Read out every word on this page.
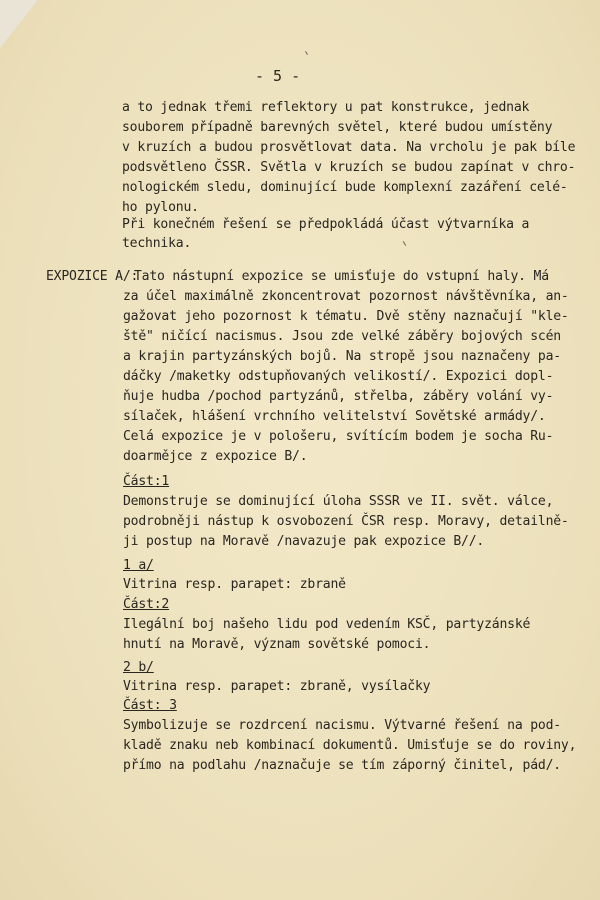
- 5 -
a to jednak třemi reflektory u pat konstrukce, jednak
souborem případně barevných světel, které budou umístěny
v kruzích a budou prosvětlovat data. Na vrcholu je pak bíle
podsvětleno ČSSR. Světla v kruzích se budou zapínat v chro-
nologickém sledu, dominující bude komplexní zazáření celé-
ho pylonu.
Při konečném řešení se předpokládá účast výtvarníka a
technika.
EXPOZICE A/:
Tato nástupní expozice se umisťuje do vstupní haly. Má
za účel maximálně zkoncentrovat pozornost návštěvníka, an-
gažovat jeho pozornost k tématu. Dvě stěny naznačují "kle-
ště" ničící nacismus. Jsou zde velké záběry bojových scén
a krajin partyzánských bojů. Na stropě jsou naznačeny pa-
dáčky /maketky odstupňovaných velikostí/. Expozici dopl-
ňuje hudba /pochod partyzánů, střelba, záběry volání vy-
sílaček, hlášení vrchního velitelství Sovětské armády/.
Celá expozice je v pološeru, svítícím bodem je socha Ru-
doarmějce z expozice B/.
Část:1
Demonstruje se dominující úloha SSSR ve II. svět. válce,
podrobněji nástup k osvobození ČSR resp. Moravy, detailně-
ji postup na Moravě /navazuje pak expozice B//.
1 a/
Vitrina resp. parapet: zbraně
Část:2
Ilegální boj našeho lidu pod vedením KSČ, partyzánské
hnutí na Moravě, význam sovětské pomoci.
2 b/
Vitrina resp. parapet: zbraně, vysílačky
Část: 3
Symbolizuje se rozdrcení nacismu. Výtvarné řešení na pod-
kladě znaku neb kombinací dokumentů. Umisťuje se do roviny,
přímo na podlahu /naznačuje se tím záporný činitel, pád/.
